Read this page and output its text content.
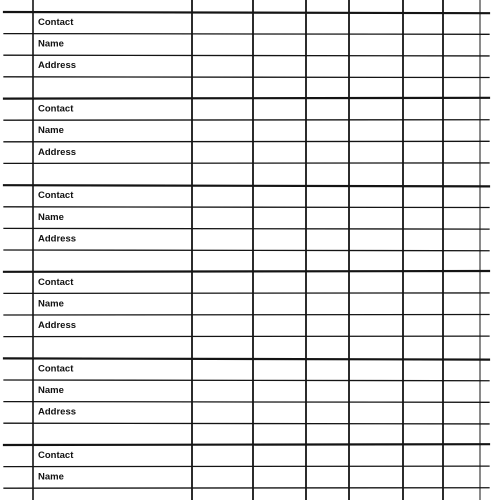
Contact
Name
Address
Contact
Name
Address
Contact
Name
Address
Contact
Name
Address
Contact
Name
Address
Contact
Name
